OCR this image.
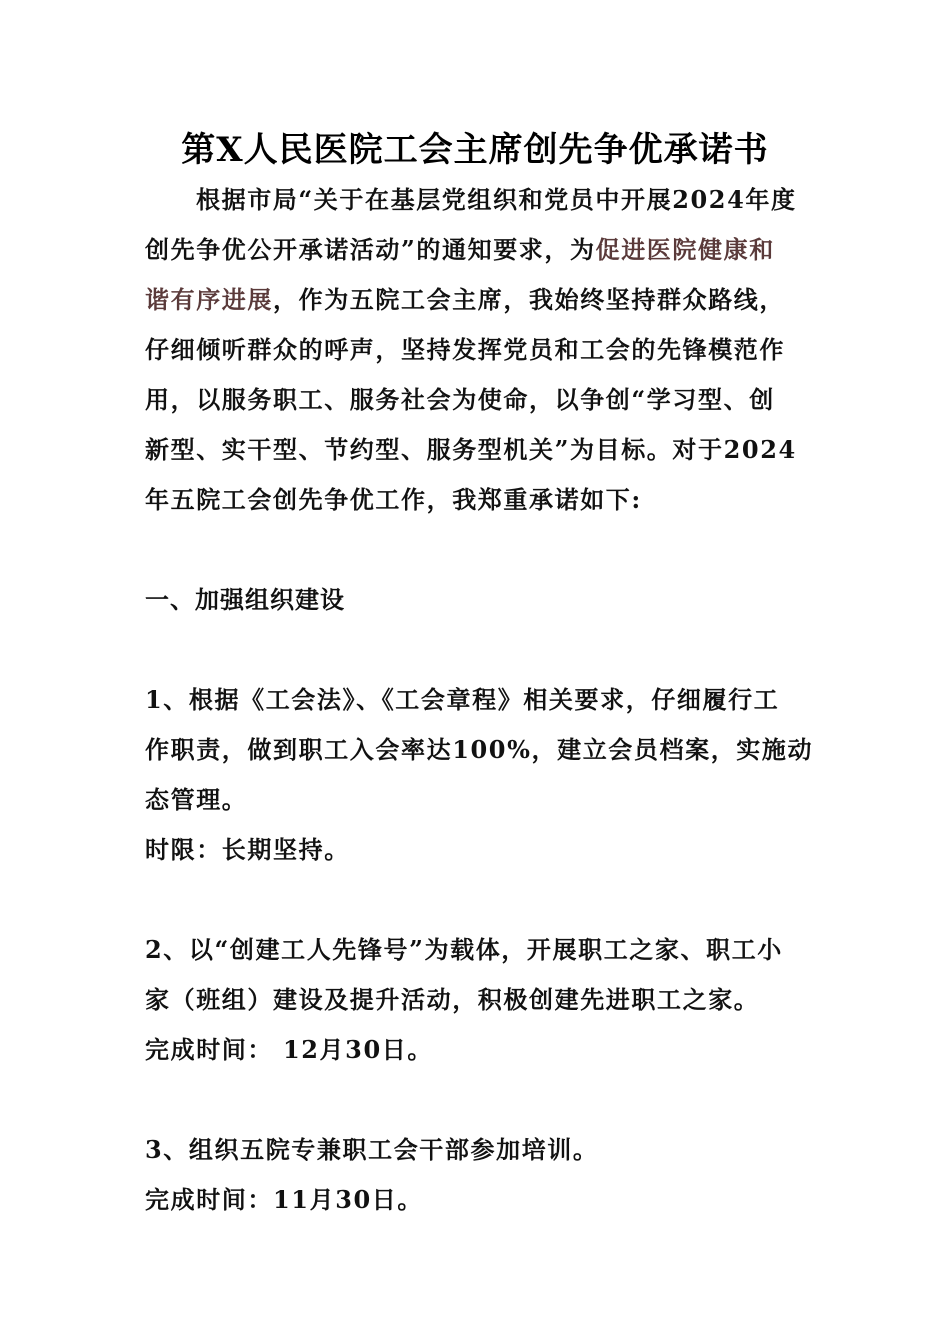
第X人民医院工会主席创先争优承诺书
根据市局“关于在基层党组织和党员中开展2024年度
创先争优公开承诺活动”的通知要求，为促进医院健康和
谐有序进展，作为五院工会主席，我始终坚持群众路线，
仔细倾听群众的呼声，坚持发挥党员和工会的先锋模范作
用，以服务职工、服务社会为使命，以争创“学习型、创
新型、实干型、节约型、服务型机关”为目标。对于2024
年五院工会创先争优工作，我郑重承诺如下:
一、加强组织建设
1、根据《工会法》、《工会章程》相关要求，仔细履行工
作职责，做到职工入会率达100%，建立会员档案，实施动
态管理。
时限：长期坚持。
2、以“创建工人先锋号”为载体，开展职工之家、职工小
家（班组）建设及提升活动，积极创建先进职工之家。
完成时间： 12月30日。
3、组织五院专兼职工会干部参加培训。
完成时间：11月30日。
